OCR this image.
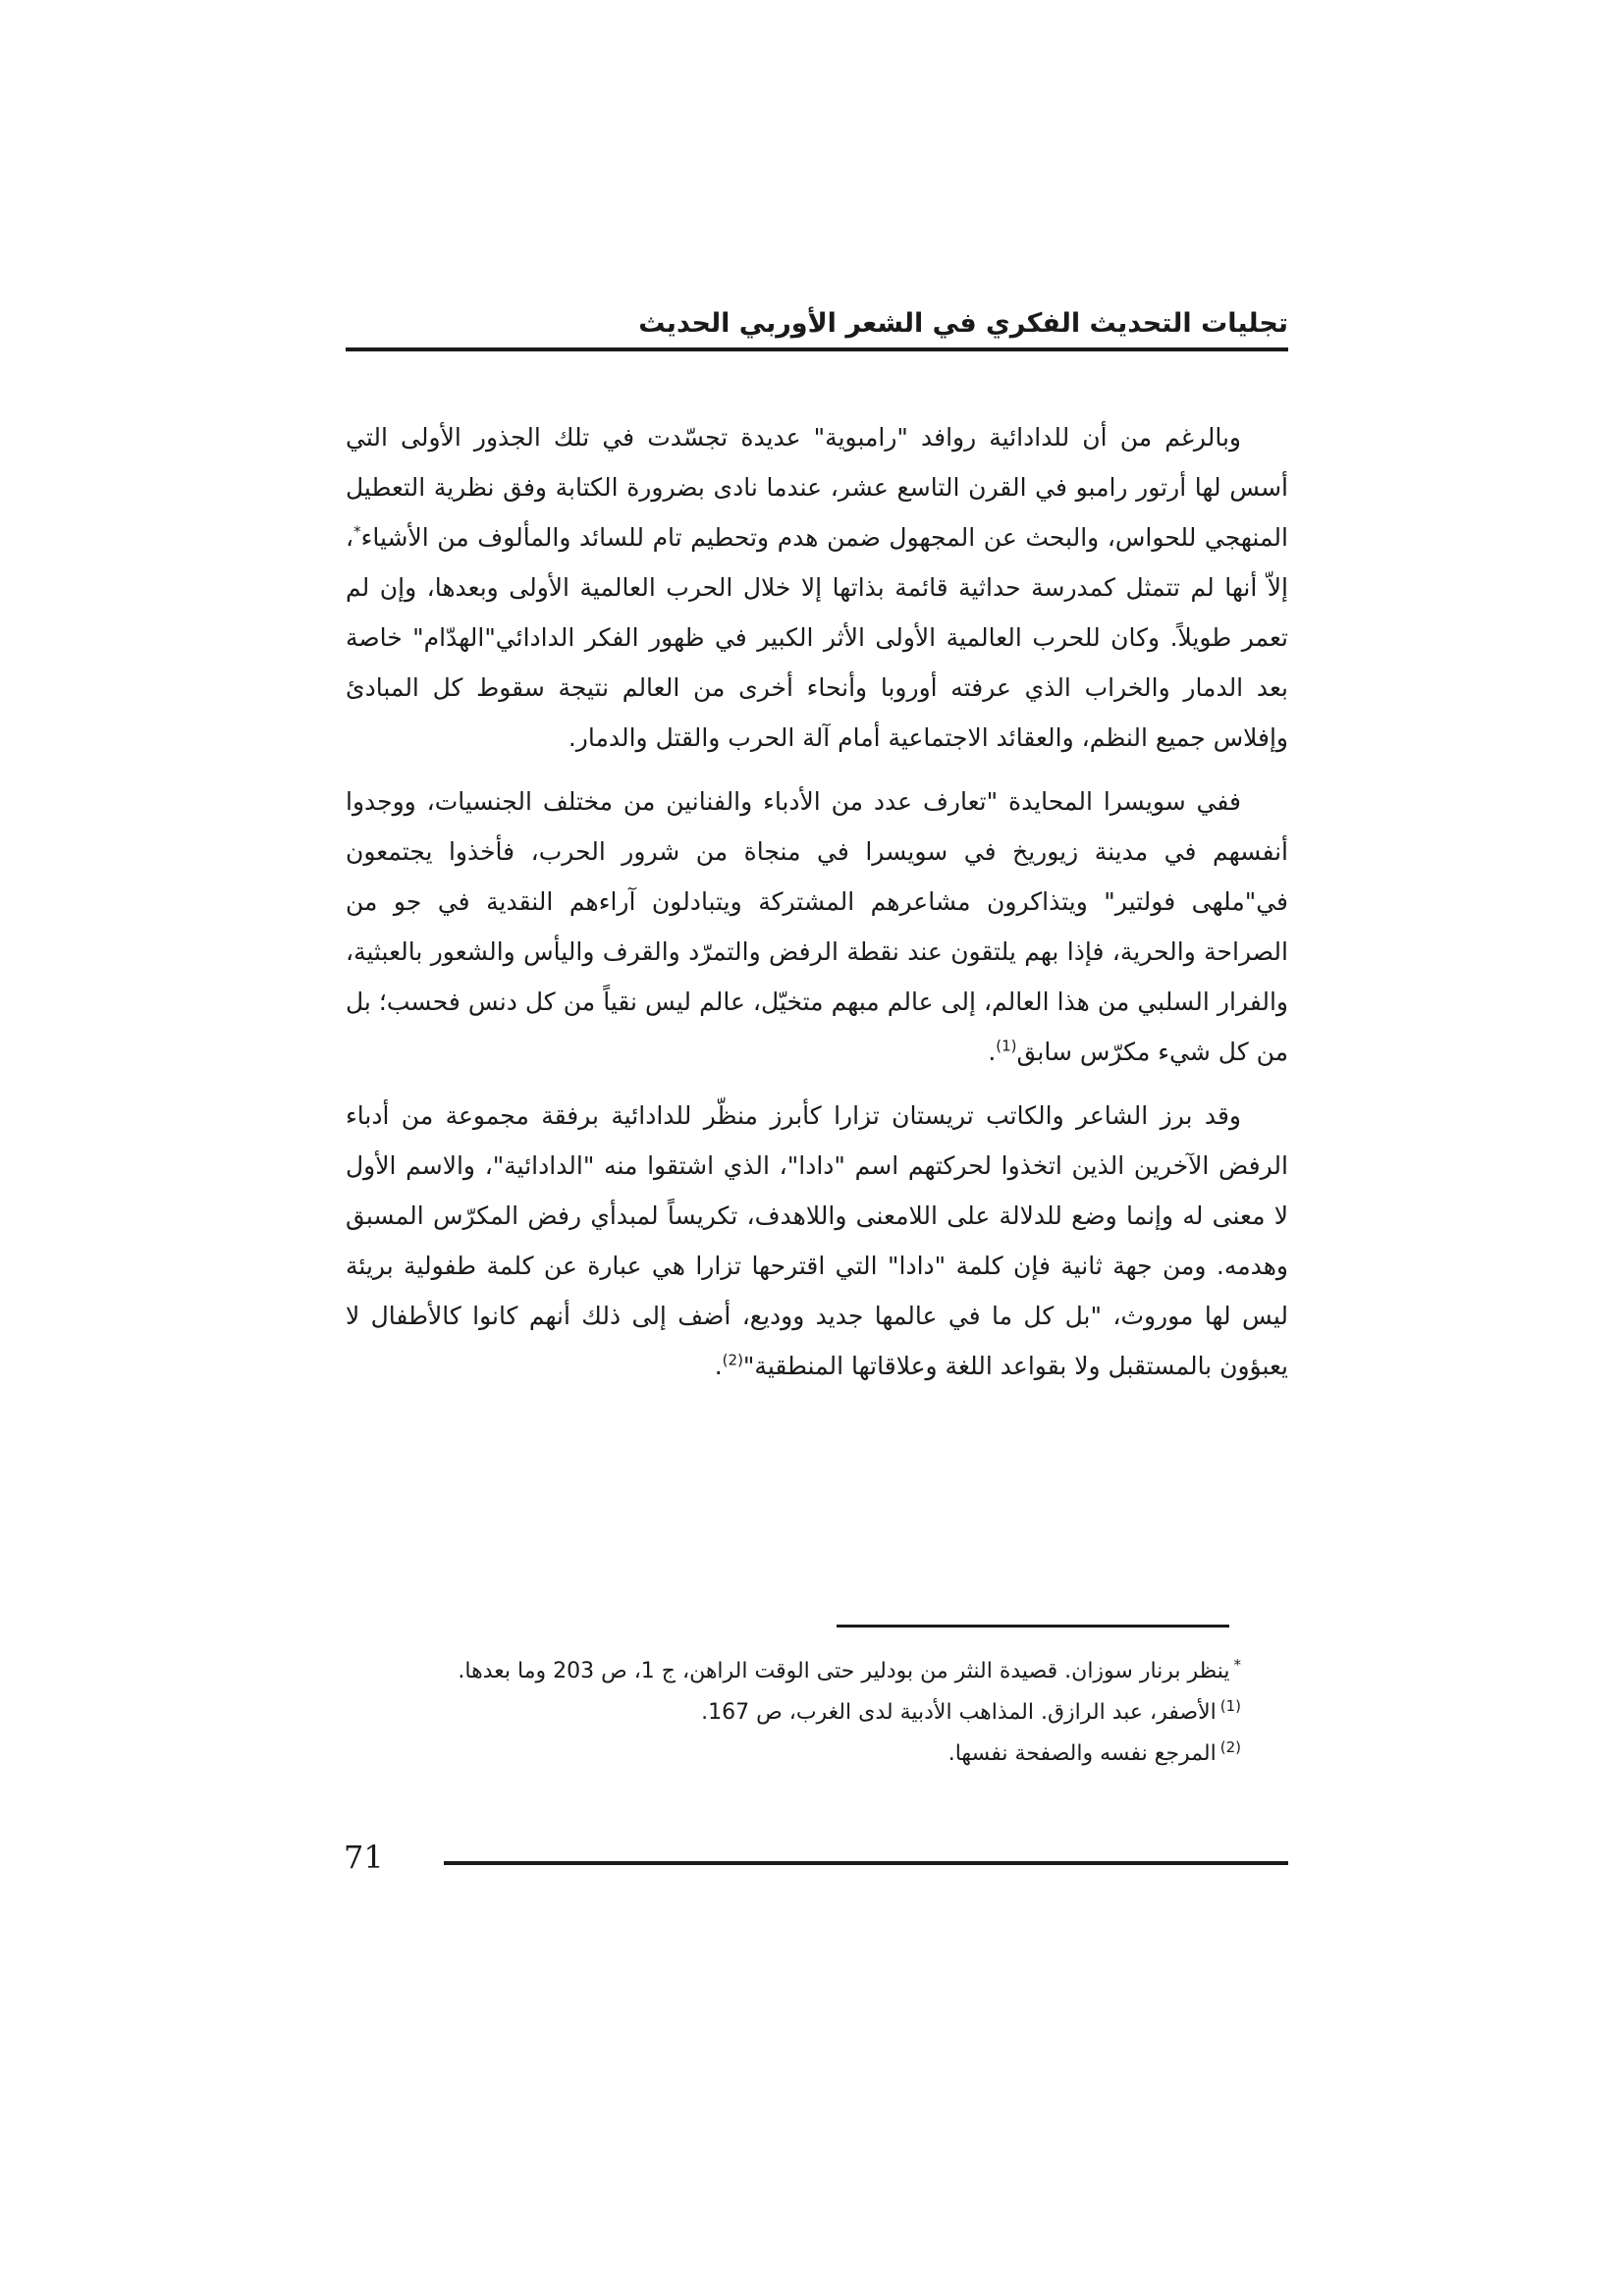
تجليات التحديث الفكري في الشعر الأوربي الحديث

وبالرغم من أن للدادائية روافد "رامبوية" عديدة تجسّدت في تلك الجذور الأولى التي أسس لها أرتور رامبو في القرن التاسع عشر، عندما نادى بضرورة الكتابة وفق نظرية التعطيل المنهجي للحواس، والبحث عن المجهول ضمن هدم وتحطيم تام للسائد والمألوف من الأشياء*، إلاّ أنها لم تتمثل كمدرسة حداثية قائمة بذاتها إلا خلال الحرب العالمية الأولى وبعدها، وإن لم تعمر طويلاً. وكان للحرب العالمية الأولى الأثر الكبير في ظهور الفكر الدادائي"الهدّام" خاصة بعد الدمار والخراب الذي عرفته أوروبا وأنحاء أخرى من العالم نتيجة سقوط كل المبادئ وإفلاس جميع النظم، والعقائد الاجتماعية أمام آلة الحرب والقتل والدمار.

ففي سويسرا المحايدة "تعارف عدد من الأدباء والفنانين من مختلف الجنسيات، ووجدوا أنفسهم في مدينة زيوريخ في سويسرا في منجاة من شرور الحرب، فأخذوا يجتمعون في"ملهى فولتير" ويتذاكرون مشاعرهم المشتركة ويتبادلون آراءهم النقدية في جو من الصراحة والحرية، فإذا بهم يلتقون عند نقطة الرفض والتمرّد والقرف واليأس والشعور بالعبثية، والفرار السلبي من هذا العالم، إلى عالم مبهم متخيّل، عالم ليس نقياً من كل دنس فحسب؛ بل من كل شيء مكرّس سابق$^{(1)}$.

وقد برز الشاعر والكاتب تريستان تزارا كأبرز منظّر للدادائية برفقة مجموعة من أدباء الرفض الآخرين الذين اتخذوا لحركتهم اسم "دادا"، الذي اشتقوا منه "الدادائية"، والاسم الأول لا معنى له وإنما وضع للدلالة على اللامعنى واللاهدف، تكريساً لمبدأي رفض المكرّس المسبق وهدمه. ومن جهة ثانية فإن كلمة "دادا" التي اقترحها تزارا هي عبارة عن كلمة طفولية بريئة ليس لها موروث، "بل كل ما في عالمها جديد ووديع، أضف إلى ذلك أنهم كانوا كالأطفال لا يعبؤون بالمستقبل ولا بقواعد اللغة وعلاقاتها المنطقية"$^{(2)}$.

*ينظر برنار سوزان. قصيدة النثر من بودلير حتى الوقت الراهن، ج 1، ص 203 وما بعدها.

$^{(1)}$الأصفر، عبد الرازق. المذاهب الأدبية لدى الغرب، ص 167.

$^{(2)}$المرجع نفسه والصفحة نفسها.

71
